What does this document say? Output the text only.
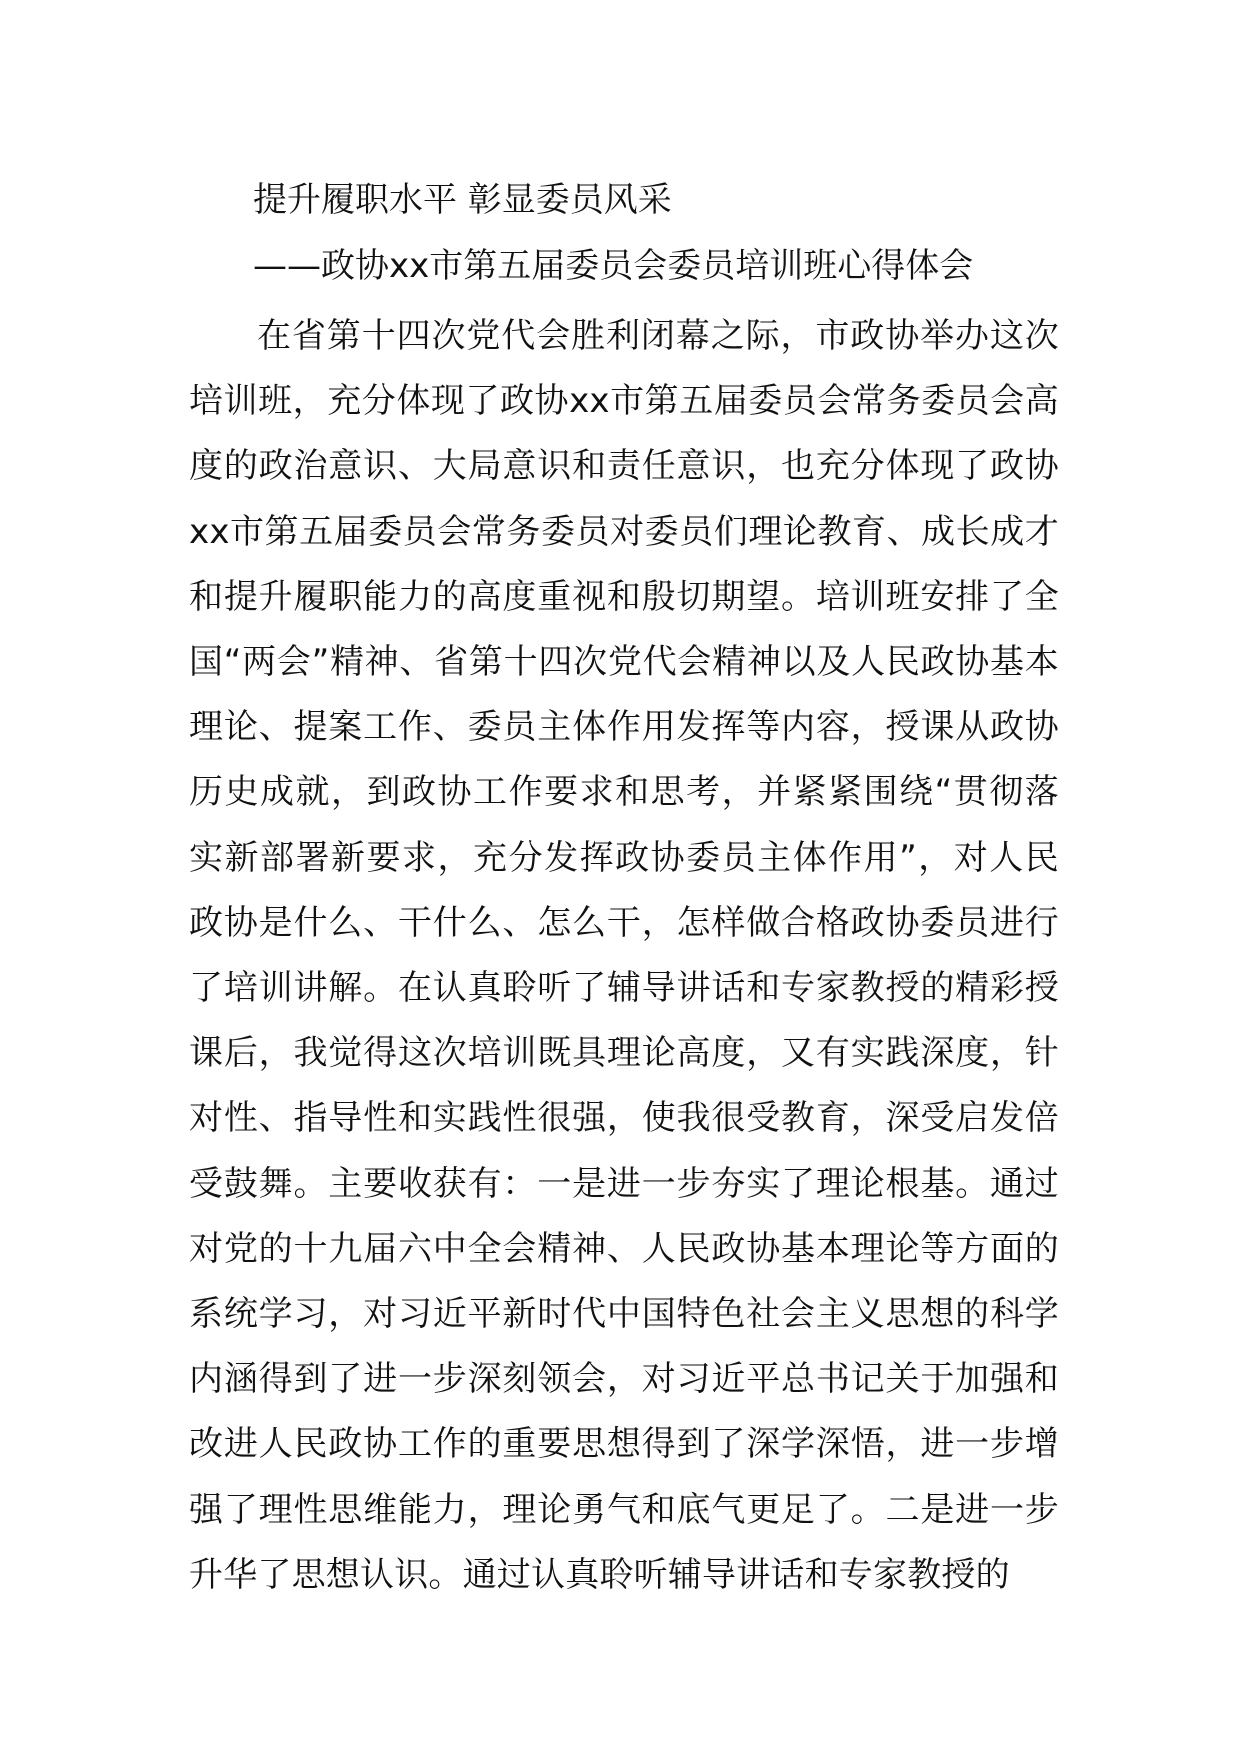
提升履职水平 彰显委员风采

——政协xx市第五届委员会委员培训班心得体会

在省第十四次党代会胜利闭幕之际，市政协举办这次培训班，充分体现了政协xx市第五届委员会常务委员会高度的政治意识、大局意识和责任意识，也充分体现了政协xx市第五届委员会常务委员对委员们理论教育、成长成才和提升履职能力的高度重视和殷切期望。培训班安排了全国“两会”精神、省第十四次党代会精神以及人民政协基本理论、提案工作、委员主体作用发挥等内容，授课从政协历史成就，到政协工作要求和思考，并紧紧围绕“贯彻落实新部署新要求，充分发挥政协委员主体作用”，对人民政协是什么、干什么、怎么干，怎样做合格政协委员进行了培训讲解。在认真聆听了辅导讲话和专家教授的精彩授课后，我觉得这次培训既具理论高度，又有实践深度，针对性、指导性和实践性很强，使我很受教育，深受启发倍受鼓舞。主要收获有：一是进一步夯实了理论根基。通过对党的十九届六中全会精神、人民政协基本理论等方面的系统学习，对习近平新时代中国特色社会主义思想的科学内涵得到了进一步深刻领会，对习近平总书记关于加强和改进人民政协工作的重要思想得到了深学深悟，进一步增强了理性思维能力，理论勇气和底气更足了。二是进一步升华了思想认识。通过认真聆听辅导讲话和专家教授的
